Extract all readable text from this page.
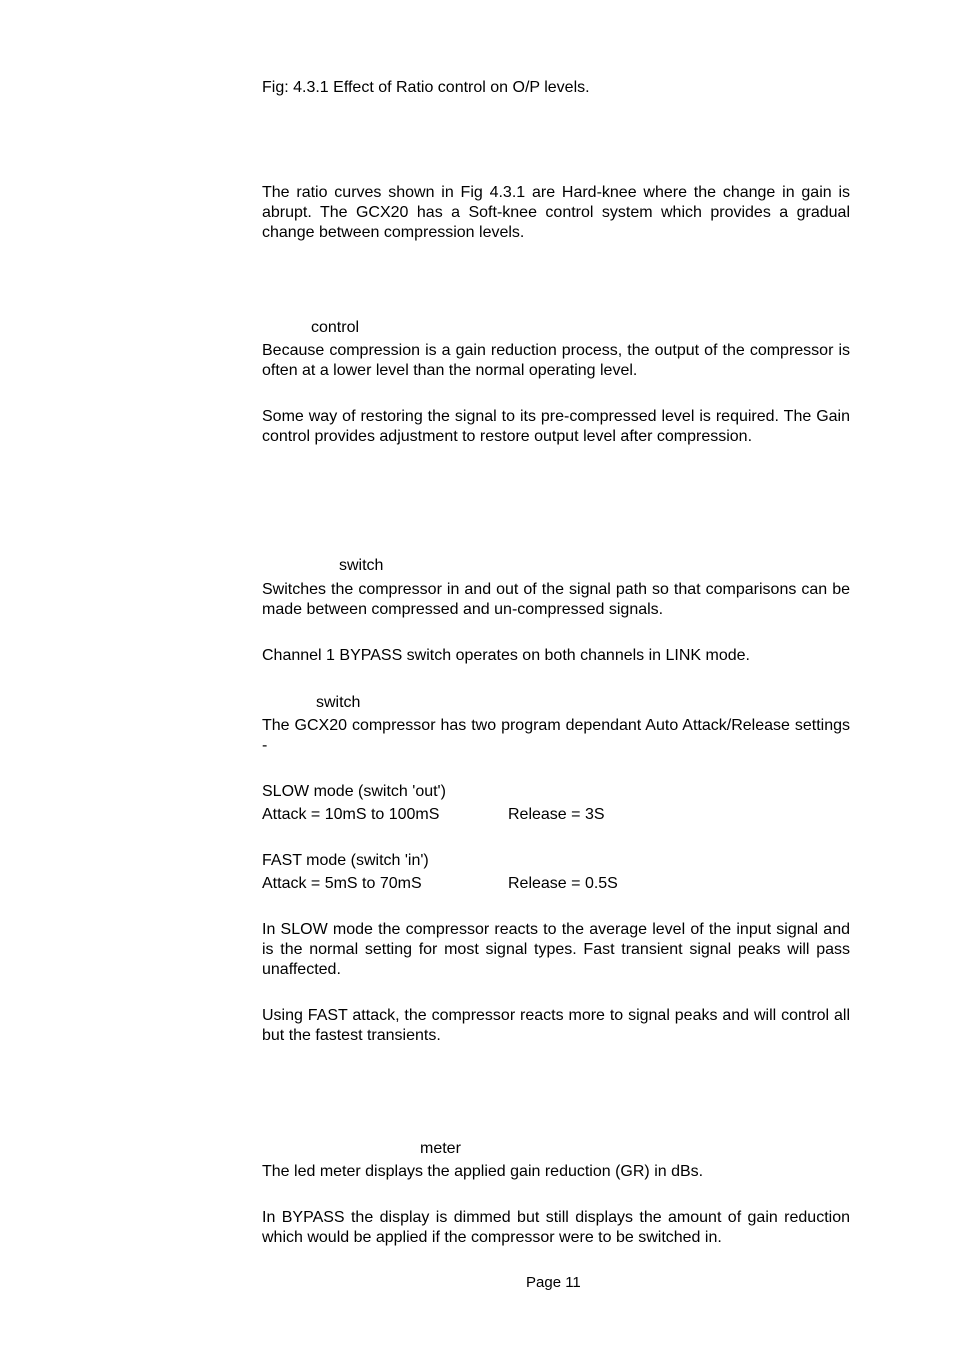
Fig: 4.3.1 Effect of Ratio control on O/P levels.
The ratio curves shown in Fig 4.3.1 are Hard-knee where the change in gain is abrupt. The GCX20 has a Soft-knee control system which provides a gradual change between compression levels.
control
Because compression is a gain reduction process, the output of the compressor is often at a lower level than the normal operating level.
Some way of restoring the signal to its pre-compressed level is required. The Gain control provides adjustment to restore output level after compression.
switch
Switches the compressor in and out of the signal path so that comparisons can be made between compressed and un-compressed signals.
Channel 1 BYPASS switch operates on both channels in LINK mode.
switch
The GCX20 compressor has two program dependant Auto Attack/Release settings -
SLOW mode (switch 'out')
Attack = 10mS to 100mS	Release = 3S
FAST mode (switch 'in')
Attack = 5mS to 70mS	Release = 0.5S
In SLOW mode the compressor reacts to the average level of the input signal and is the normal setting for most signal types. Fast transient signal peaks will pass unaffected.
Using FAST attack, the compressor reacts more to signal peaks and will control all but the fastest transients.
meter
The led meter displays the applied gain reduction (GR) in dBs.
In BYPASS the display is dimmed but still displays the amount of gain reduction which would be applied if the compressor were to be switched in.
Page 11
